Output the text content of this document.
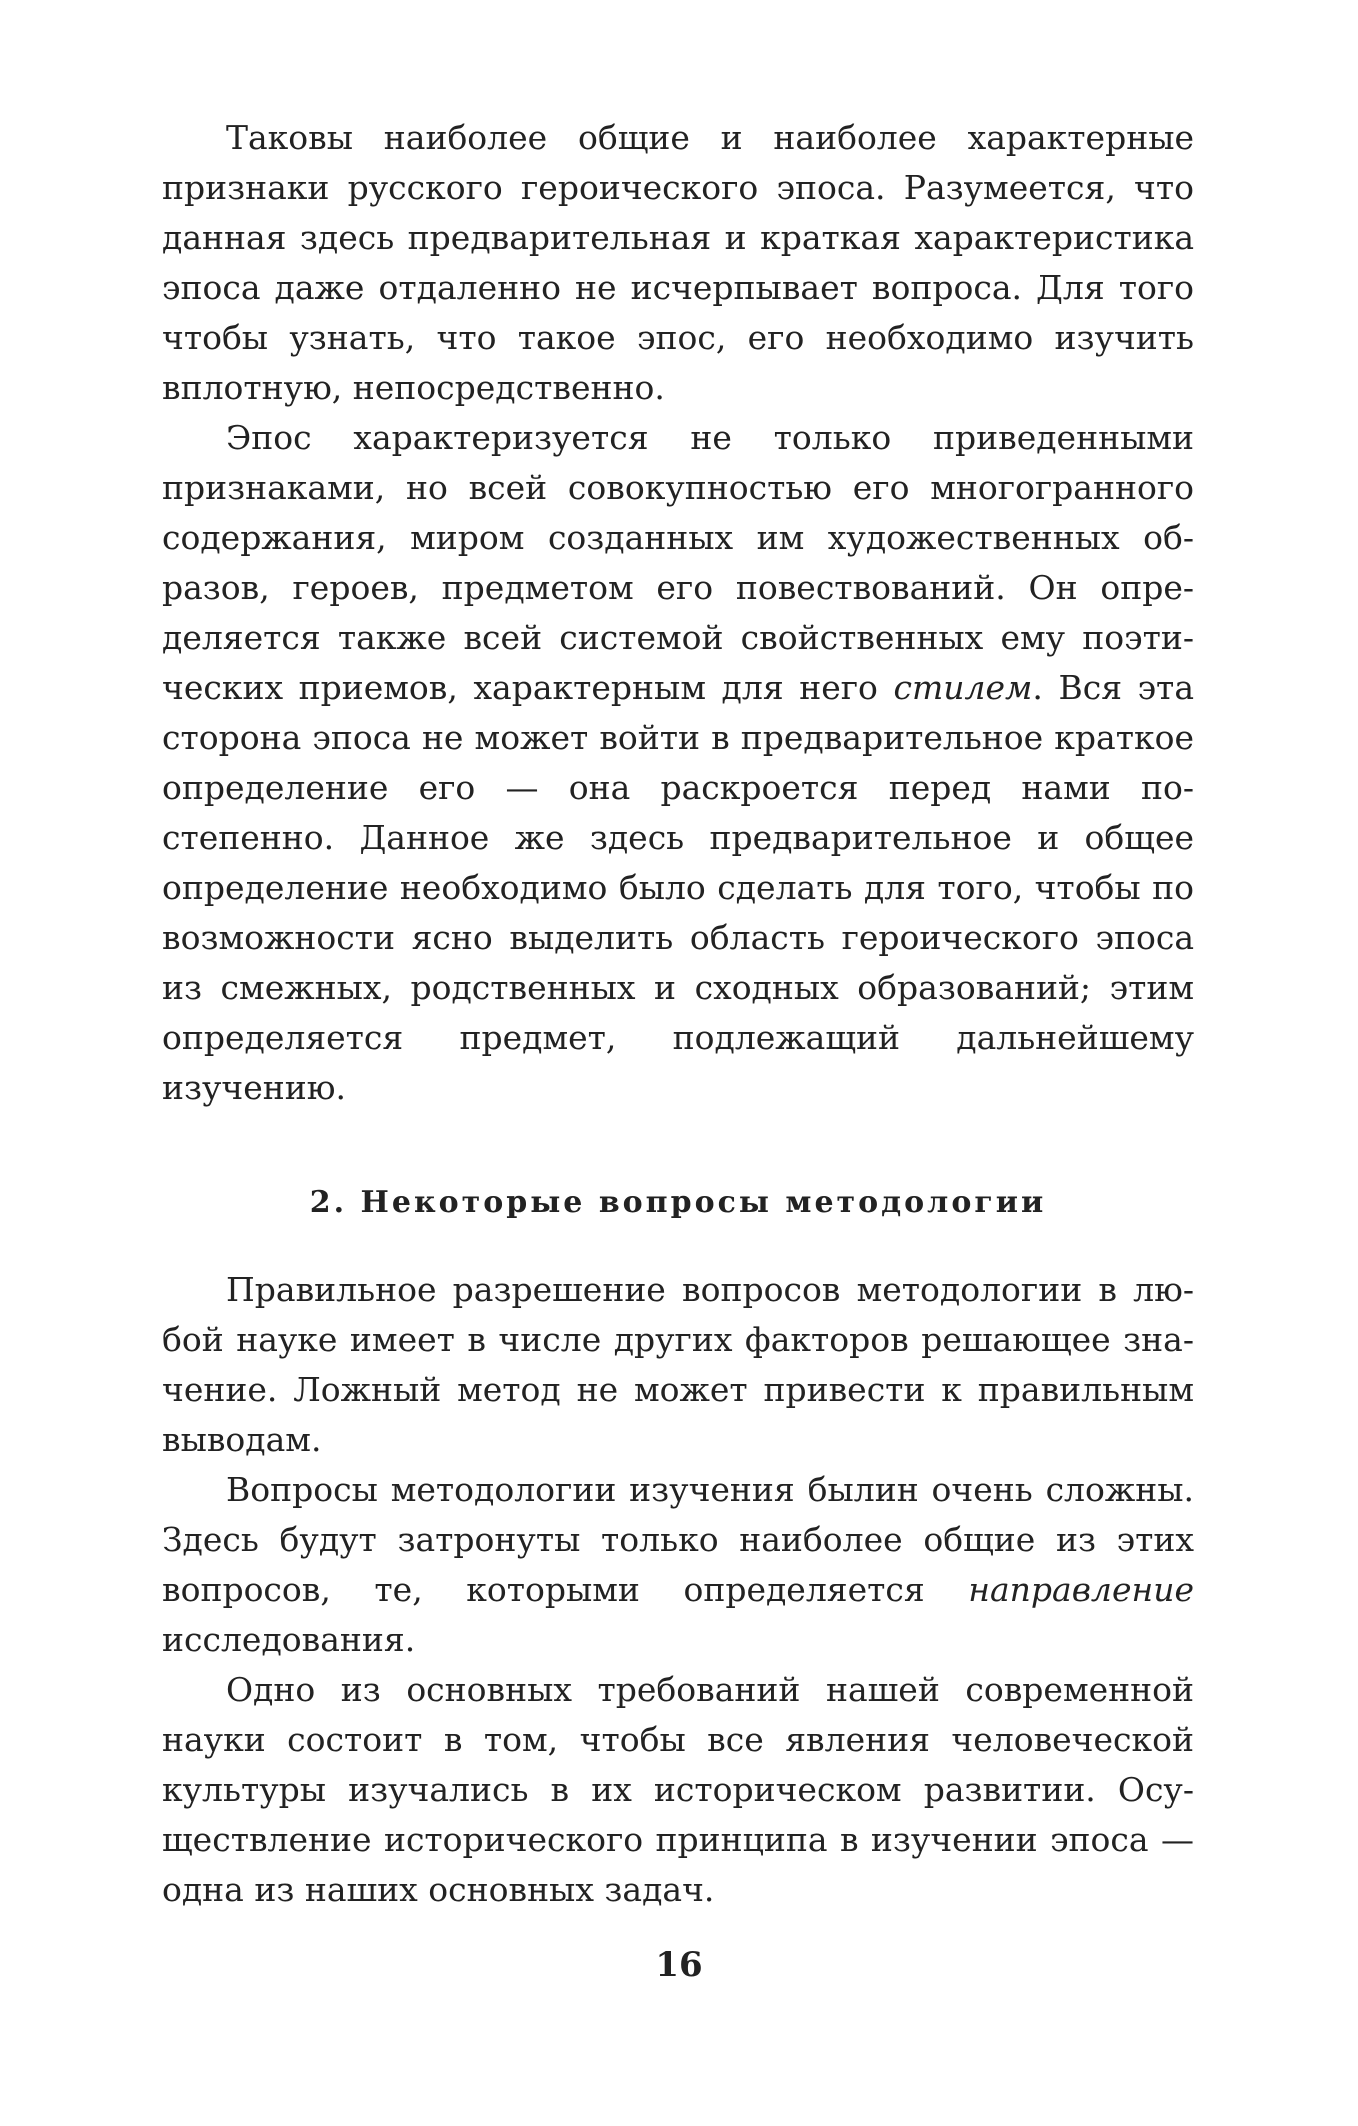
Таковы наиболее общие и наиболее характерные признаки русского героического эпоса. Разумеется, что данная здесь предварительная и краткая характеристика эпоса даже отдаленно не исчерпывает вопроса. Для того чтобы узнать, что такое эпос, его необходимо изучить вплотную, непосредственно.

Эпос характеризуется не только приведенными признаками, но всей совокупностью его многогранного содержания, миром созданных им художественных образов, героев, предметом его повествований. Он определяется также всей системой свойственных ему поэтических приемов, характерным для него стилем. Вся эта сторона эпоса не может войти в предварительное краткое определение его — она раскроется перед нами постепенно. Данное же здесь предварительное и общее определение необходимо было сделать для того, чтобы по возможности ясно выделить область героического эпоса из смежных, родственных и сходных образований; этим определяется предмет, подлежащий дальнейшему изучению.

2. Некоторые вопросы методологии

Правильное разрешение вопросов методологии в любой науке имеет в числе других факторов решающее значение. Ложный метод не может привести к правильным выводам.

Вопросы методологии изучения былин очень сложны. Здесь будут затронуты только наиболее общие из этих вопросов, те, которыми определяется направление исследования.

Одно из основных требований нашей современной науки состоит в том, чтобы все явления человеческой культуры изучались в их историческом развитии. Осуществление исторического принципа в изучении эпоса — одна из наших основных задач.

16
